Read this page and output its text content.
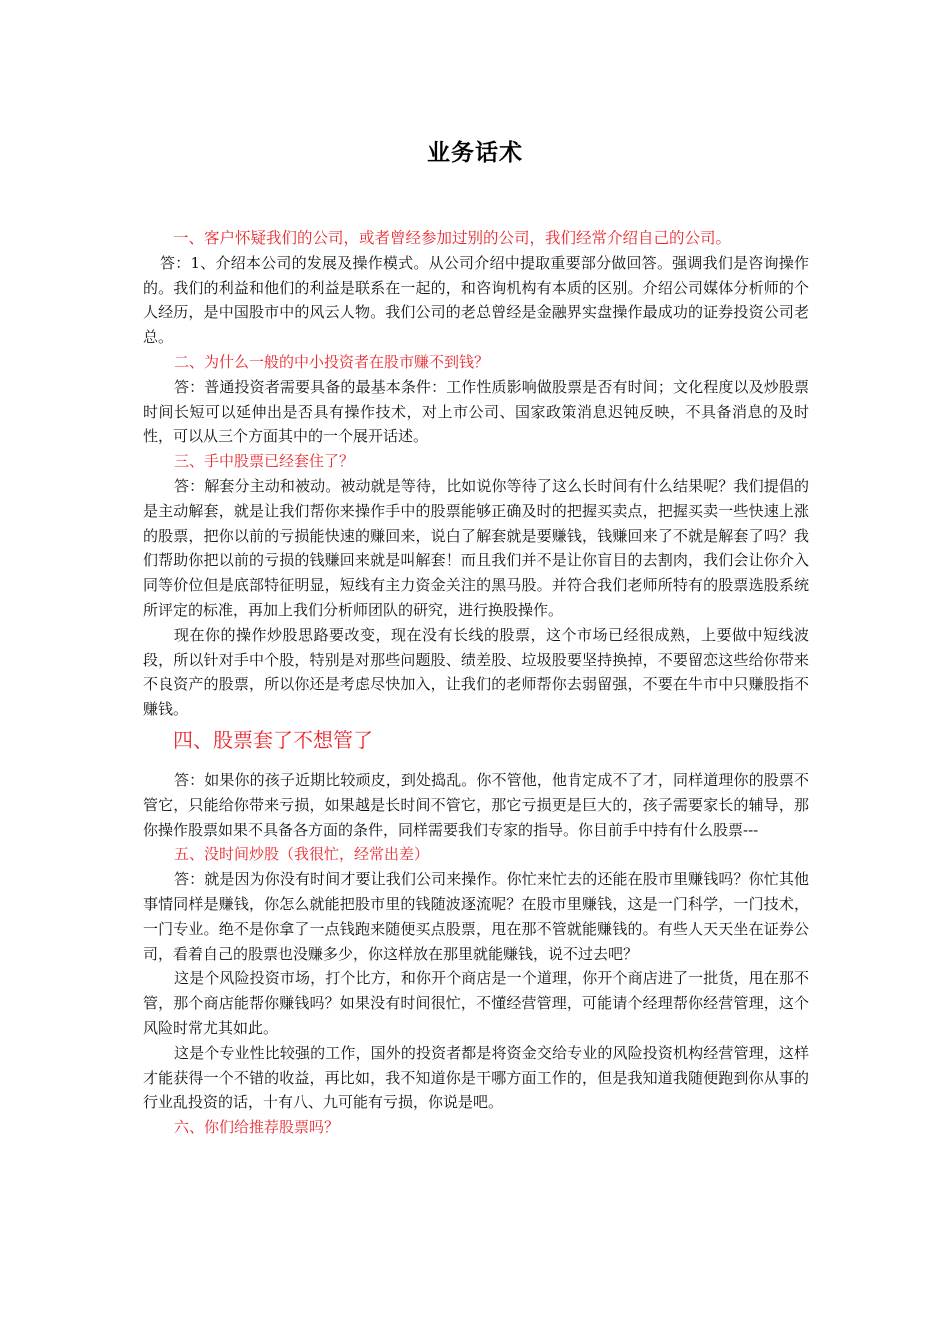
业务话术

一、客户怀疑我们的公司，或者曾经参加过别的公司，我们经常介绍自己的公司。

答：1、介绍本公司的发展及操作模式。从公司介绍中提取重要部分做回答。强调我们是咨询操作的。我们的利益和他们的利益是联系在一起的，和咨询机构有本质的区别。介绍公司媒体分析师的个人经历，是中国股市中的风云人物。我们公司的老总曾经是金融界实盘操作最成功的证券投资公司老总。

二、为什么一般的中小投资者在股市赚不到钱？

答：普通投资者需要具备的最基本条件：工作性质影响做股票是否有时间；文化程度以及炒股票时间长短可以延伸出是否具有操作技术，对上市公司、国家政策消息迟钝反映，不具备消息的及时性，可以从三个方面其中的一个展开话述。

三、手中股票已经套住了？

答：解套分主动和被动。被动就是等待，比如说你等待了这么长时间有什么结果呢？我们提倡的是主动解套，就是让我们帮你来操作手中的股票能够正确及时的把握买卖点，把握买卖一些快速上涨的股票，把你以前的亏损能快速的赚回来，说白了解套就是要赚钱，钱赚回来了不就是解套了吗？我们帮助你把以前的亏损的钱赚回来就是叫解套！而且我们并不是让你盲目的去割肉，我们会让你介入同等价位但是底部特征明显，短线有主力资金关注的黑马股。并符合我们老师所特有的股票选股系统所评定的标准，再加上我们分析师团队的研究，进行换股操作。

现在你的操作炒股思路要改变，现在没有长线的股票，这个市场已经很成熟，上要做中短线波段，所以针对手中个股，特别是对那些问题股、绩差股、垃圾股要坚持换掉，不要留恋这些给你带来不良资产的股票，所以你还是考虑尽快加入，让我们的老师帮你去弱留强，不要在牛市中只赚股指不赚钱。

四、股票套了不想管了

答：如果你的孩子近期比较顽皮，到处捣乱。你不管他，他肯定成不了才，同样道理你的股票不管它，只能给你带来亏损，如果越是长时间不管它，那它亏损更是巨大的，孩子需要家长的辅导，那你操作股票如果不具备各方面的条件，同样需要我们专家的指导。你目前手中持有什么股票---

五、没时间炒股（我很忙，经常出差）

答：就是因为你没有时间才要让我们公司来操作。你忙来忙去的还能在股市里赚钱吗？你忙其他事情同样是赚钱，你怎么就能把股市里的钱随波逐流呢？在股市里赚钱，这是一门科学，一门技术，一门专业。绝不是你拿了一点钱跑来随便买点股票，甩在那不管就能赚钱的。有些人天天坐在证券公司，看着自己的股票也没赚多少，你这样放在那里就能赚钱，说不过去吧？

这是个风险投资市场，打个比方，和你开个商店是一个道理，你开个商店进了一批货，甩在那不管，那个商店能帮你赚钱吗？如果没有时间很忙，不懂经营管理，可能请个经理帮你经营管理，这个风险时常尤其如此。

这是个专业性比较强的工作，国外的投资者都是将资金交给专业的风险投资机构经营管理，这样才能获得一个不错的收益，再比如，我不知道你是干哪方面工作的，但是我知道我随便跑到你从事的行业乱投资的话，十有八、九可能有亏损，你说是吧。

六、你们给推荐股票吗？
